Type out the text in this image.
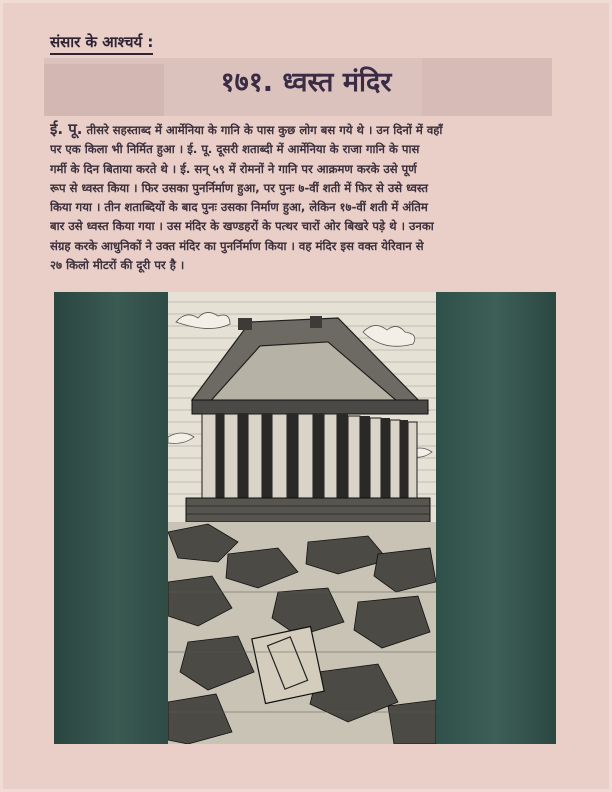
संसार के आश्चर्य :
१७१. ध्वस्त मंदिर
ई. पू. तीसरे सहस्ताब्द में आर्मेनिया के गानि के पास कुछ लोग बस गये थे । उन दिनों में वहाँ
पर एक किला भी निर्मित हुआ । ई. पू. दूसरी शताब्दी में आर्मेनिया के राजा गानि के पास
गर्मी के दिन बिताया करते थे । ई. सन् ५९ में रोमनों ने गानि पर आक्रमण करके उसे पूर्ण
रूप से ध्वस्त किया । फिर उसका पुनर्निर्माण हुआ, पर पुनः ७-वीं शती में फिर से उसे ध्वस्त
किया गया । तीन शताब्दियों के बाद पुनः उसका निर्माण हुआ, लेकिन १७-वीं शती में अंतिम
बार उसे ध्वस्त किया गया । उस मंदिर के खण्डहरों के पत्थर चारों ओर बिखरे पड़े थे । उनका
संग्रह करके आधुनिकों ने उक्त मंदिर का पुनर्निर्माण किया । वह मंदिर इस वक्त येरिवान से
२७ किलो मीटरों की दूरी पर है ।
